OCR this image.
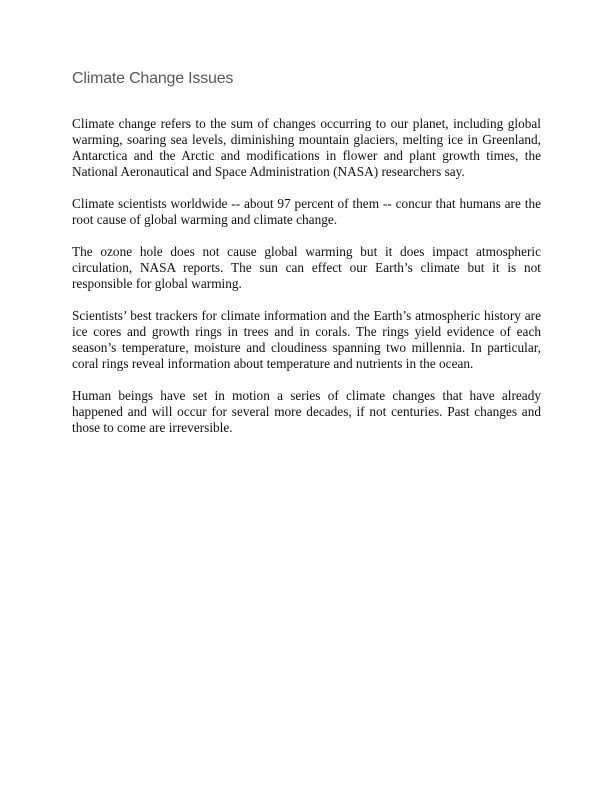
Climate Change Issues

Climate change refers to the sum of changes occurring to our planet, including global warming, soaring sea levels, diminishing mountain glaciers, melting ice in Greenland, Antarctica and the Arctic and modifications in flower and plant growth times, the National Aeronautical and Space Administration (NASA) researchers say.

Climate scientists worldwide -- about 97 percent of them -- concur that humans are the root cause of global warming and climate change.

The ozone hole does not cause global warming but it does impact atmospheric circulation, NASA reports. The sun can effect our Earth’s climate but it is not responsible for global warming.

Scientists’ best trackers for climate information and the Earth’s atmospheric history are ice cores and growth rings in trees and in corals. The rings yield evidence of each season’s temperature, moisture and cloudiness spanning two millennia. In particular, coral rings reveal information about temperature and nutrients in the ocean.

Human beings have set in motion a series of climate changes that have already happened and will occur for several more decades, if not centuries. Past changes and those to come are irreversible.
